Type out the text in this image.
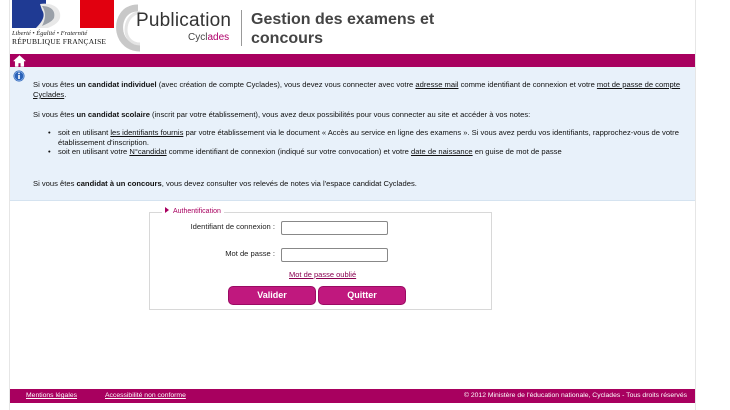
Liberté • Égalité • Fraternité
RÉPUBLIQUE FRANÇAISE
Publication
Cyclades
Gestion des examens et
concours

Si vous êtes un candidat individuel (avec création de compte Cyclades), vous devez vous connecter avec votre adresse mail comme identifiant de connexion et votre mot de passe de compte Cyclades.

Si vous êtes un candidat scolaire (inscrit par votre établissement), vous avez deux possibilités pour vous connecter au site et accéder à vos notes:

• soit en utilisant les identifiants fournis par votre établissement via le document « Accès au service en ligne des examens ». Si vous avez perdu vos identifiants, rapprochez-vous de votre établissement d'inscription.
• soit en utilisant votre N°candidat comme identifiant de connexion (indiqué sur votre convocation) et votre date de naissance en guise de mot de passe

Si vous êtes candidat à un concours, vous devez consulter vos relevés de notes via l'espace candidat Cyclades.

Authentification
Identifiant de connexion :
Mot de passe :
Mot de passe oublié
Valider	Quitter
Mentions légales	Accessibilité non conforme	© 2012 Ministère de l'éducation nationale, Cyclades - Tous droits réservés
